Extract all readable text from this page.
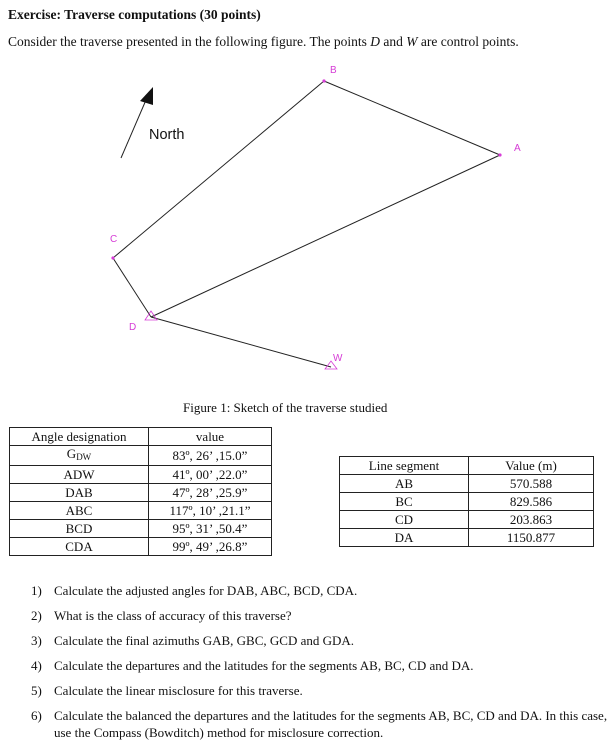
Exercise: Traverse computations (30 points)
Consider the traverse presented in the following figure. The points D and W are control points.
North
B
A
C
D
W
Figure 1: Sketch of the traverse studied
Angle designation	value
GDW	83º, 26’ ,15.0”
ADW	41º, 00’ ,22.0”
DAB	47º, 28’ ,25.9”
ABC	117º, 10’ ,21.1”
BCD	95º, 31’ ,50.4”
CDA	99º, 49’ ,26.8”
Line segment	Value (m)
AB	570.588
BC	829.586
CD	203.863
DA	1150.877
1) Calculate the adjusted angles for DAB, ABC, BCD, CDA.
2) What is the class of accuracy of this traverse?
3) Calculate the final azimuths GAB, GBC, GCD and GDA.
4) Calculate the departures and the latitudes for the segments AB, BC, CD and DA.
5) Calculate the linear misclosure for this traverse.
6) Calculate the balanced the departures and the latitudes for the segments AB, BC, CD and DA. In this case, use the Compass (Bowditch) method for misclosure correction.
